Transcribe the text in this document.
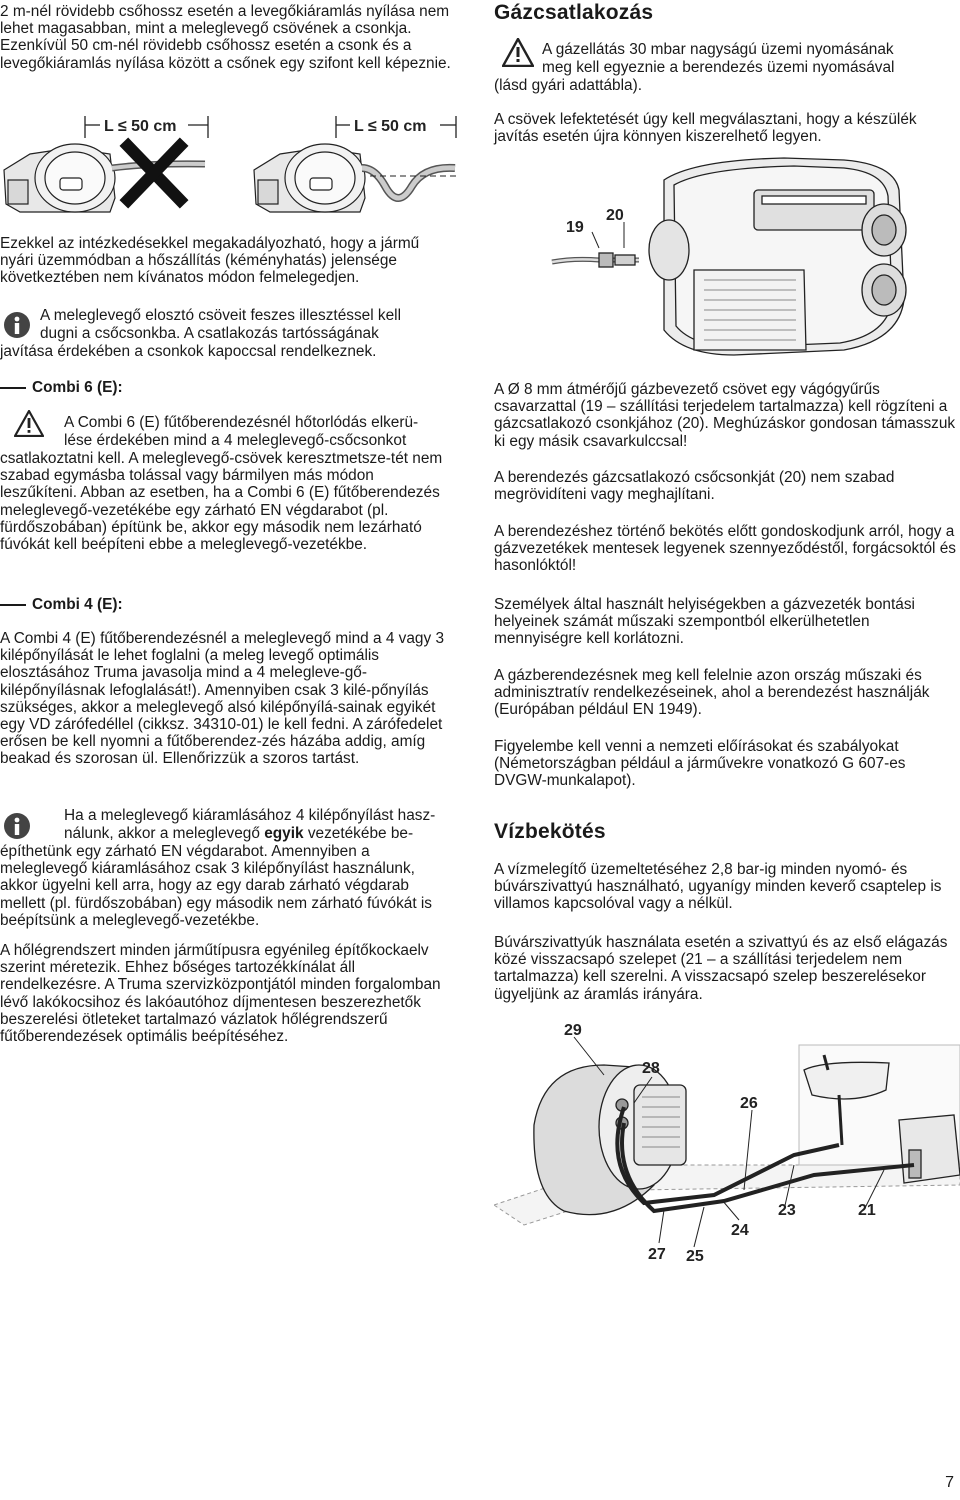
2 m-nél rövidebb csőhossz esetén a levegőkiáramlás nyílása nem lehet magasabban, mint a meleglevegő csövének a csonkja. Ezenkívül 50 cm-nél rövidebb csőhossz esetén a csonk és a levegőkiáramlás nyílása között a csőnek egy szifont kell képeznie.

L ≤ 50 cm	L ≤ 50 cm

Ezekkel az intézkedésekkel megakadályozható, hogy a jármű nyári üzemmódban a hőszállítás (kéményhatás) jelensége következtében nem kívánatos módon felmelegedjen.

A meleglevegő elosztó csöveit feszes illesztéssel kell
dugni a csőcsonkba. A csatlakozás tartósságának
javítása érdekében a csonkok kapoccsal rendelkeznek.
Combi 6 (E):
A Combi 6 (E) fűtőberendezésnél hőtorlódás elkerü-
lése érdekében mind a 4 meleglevegő-csőcsonkot

csatlakoztatni kell. A meleglevegő-csövek keresztmetsze-tét nem szabad egymásba tolással vagy bármilyen más módon leszűkíteni. Abban az esetben, ha a Combi 6 (E) fűtőberendezés meleglevegő-vezetékébe egy zárható EN végdarabot (pl. fürdőszobában) építünk be, akkor egy második nem lezárható fúvókát kell beépíteni ebbe a meleglevegő-vezetékbe.

Combi 4 (E):

A Combi 4 (E) fűtőberendezésnél a meleglevegő mind a 4 vagy 3 kilépőnyílását le lehet foglalni (a meleg levegő optimális elosztásához Truma javasolja mind a 4 melegleve-gő-kilépőnyílásnak lefoglalását!). Amennyiben csak 3 kilé-pőnyílás szükséges, akkor a meleglevegő alsó kilépőnyílá-sainak egyikét egy VD zárófedéllel (cikksz. 34310-01) le kell fedni. A zárófedelet erősen be kell nyomni a fűtőberendez-zés házába addig, amíg beakad és szorosan ül. Ellenőrizzük a szoros tartást.

Ha a meleglevegő kiáramlásához 4 kilépőnyílást hasz-
nálunk, akkor a meleglevegő egyik vezetékébe be-

építhetünk egy zárható EN végdarabot. Amennyiben a meleglevegő kiáramlásához csak 3 kilépőnyílást használunk, akkor ügyelni kell arra, hogy az egy darab zárható végdarab mellett (pl. fürdőszobában) egy második nem zárható fúvókát is beépítsünk a meleglevegő-vezetékbe.

A hőlégrendszert minden járműtípusra egyénileg építőkockaelv szerint méretezik. Ehhez bőséges tartozékkínálat áll rendelkezésre. A Truma szervizközpontjától minden forgalomban lévő lakókocsihoz és lakóautóhoz díjmentesen beszerezhetők beszerelési ötleteket tartalmazó vázlatok hőlégrendszerű fűtőberendezések optimális beépítéséhez.

Gázcsatlakozás
A gázellátás 30 mbar nagyságú üzemi nyomásának
meg kell egyeznie a berendezés üzemi nyomásával
(lásd gyári adattábla).

A csövek lefektetését úgy kell megválasztani, hogy a készülék javítás esetén újra könnyen kiszerelhető legyen.

19
20

A Ø 8 mm átmérőjű gázbevezető csövet egy vágógyűrűs csavarzattal (19 – szállítási terjedelem tartalmazza) kell rögzíteni a gázcsatlakozó csonkjához (20). Meghúzáskor gondosan támasszuk ki egy másik csavarkulccsal!

A berendezés gázcsatlakozó csőcsonkját (20) nem szabad megrövidíteni vagy meghajlítani.

A berendezéshez történő bekötés előtt gondoskodjunk arról, hogy a gázvezetékek mentesek legyenek szennyeződéstől, forgácsoktól és hasonlóktól!

Személyek által használt helyiségekben a gázvezeték bontási helyeinek számát műszaki szempontból elkerülhetetlen mennyiségre kell korlátozni.

A gázberendezésnek meg kell felelnie azon ország műszaki és adminisztratív rendelkezéseinek, ahol a berendezést használják (Európában például EN 1949).

Figyelembe kell venni a nemzeti előírásokat és szabályokat (Németországban például a járművekre vonatkozó G 607-es DVGW-munkalapot).

Vízbekötés

A vízmelegítő üzemeltetéséhez 2,8 bar-ig minden nyomó- és búvárszivattyú használható, ugyanígy minden keverő csaptelep is villamos kapcsolóval vagy a nélkül.

Búvárszivattyúk használata esetén a szivattyú és az első elágazás közé visszacsapó szelepet (21 – a szállítási terjedelem nem tartalmazza) kell szerelni. A visszacsapó szelep beszerelésekor ügyeljünk az áramlás irányára.

29
28
26
23	21
24
27 25
7
